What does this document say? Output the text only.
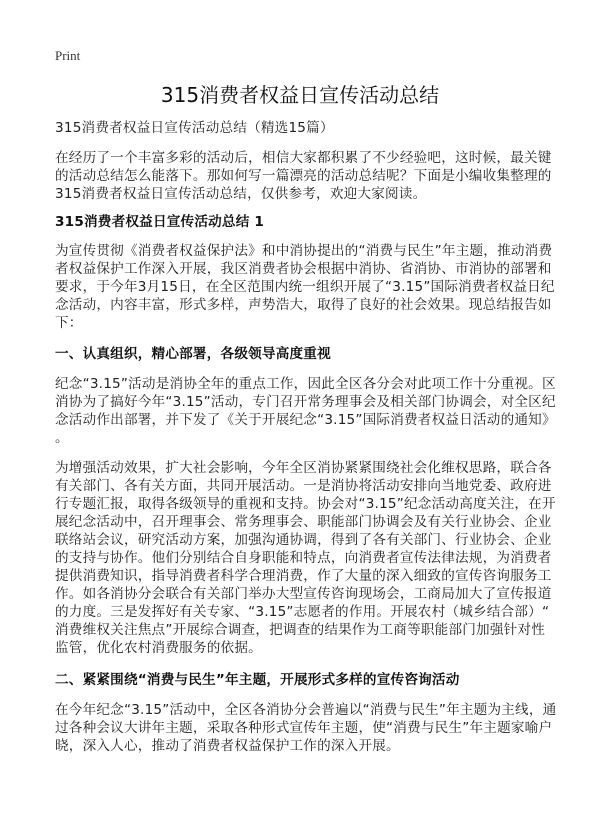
Print
315消费者权益日宣传活动总结
315消费者权益日宣传活动总结（精选15篇）
在经历了一个丰富多彩的活动后，相信大家都积累了不少经验吧，这时候，最关键
的活动总结怎么能落下。那如何写一篇漂亮的活动总结呢？下面是小编收集整理的
315消费者权益日宣传活动总结，仅供参考，欢迎大家阅读。
315消费者权益日宣传活动总结 1
为宣传贯彻《消费者权益保护法》和中消协提出的“消费与民生”年主题，推动消费
者权益保护工作深入开展，我区消费者协会根据中消协、省消协、市消协的部署和
要求，于今年3月15日，在全区范围内统一组织开展了“3.15”国际消费者权益日纪
念活动，内容丰富，形式多样，声势浩大，取得了良好的社会效果。现总结报告如
下：
一、认真组织，精心部署，各级领导高度重视
纪念“3.15”活动是消协全年的重点工作，因此全区各分会对此项工作十分重视。区
消协为了搞好今年“3.15”活动，专门召开常务理事会及相关部门协调会，对全区纪
念活动作出部署，并下发了《关于开展纪念“3.15”国际消费者权益日活动的通知》
。
为增强活动效果，扩大社会影响，今年全区消协紧紧围绕社会化维权思路，联合各
有关部门、各有关方面，共同开展活动。一是消协将活动安排向当地党委、政府进
行专题汇报，取得各级领导的重视和支持。协会对“3.15”纪念活动高度关注，在开
展纪念活动中，召开理事会、常务理事会、职能部门协调会及有关行业协会、企业
联络站会议，研究活动方案，加强沟通协调，得到了各有关部门、行业协会、企业
的支持与协作。他们分别结合自身职能和特点，向消费者宣传法律法规，为消费者
提供消费知识，指导消费者科学合理消费，作了大量的深入细致的宣传咨询服务工
作。如各消协分会联合有关部门举办大型宣传咨询现场会，工商局加大了宣传报道
的力度。三是发挥好有关专家、“3.15”志愿者的作用。开展农村（城乡结合部）“
消费维权关注焦点”开展综合调查，把调查的结果作为工商等职能部门加强针对性
监管，优化农村消费服务的依据。
二、紧紧围绕“消费与民生”年主题，开展形式多样的宣传咨询活动
在今年纪念“3.15”活动中，全区各消协分会普遍以“消费与民生”年主题为主线，通
过各种会议大讲年主题，采取各种形式宣传年主题，使“消费与民生”年主题家喻户
晓，深入人心，推动了消费者权益保护工作的深入开展。
